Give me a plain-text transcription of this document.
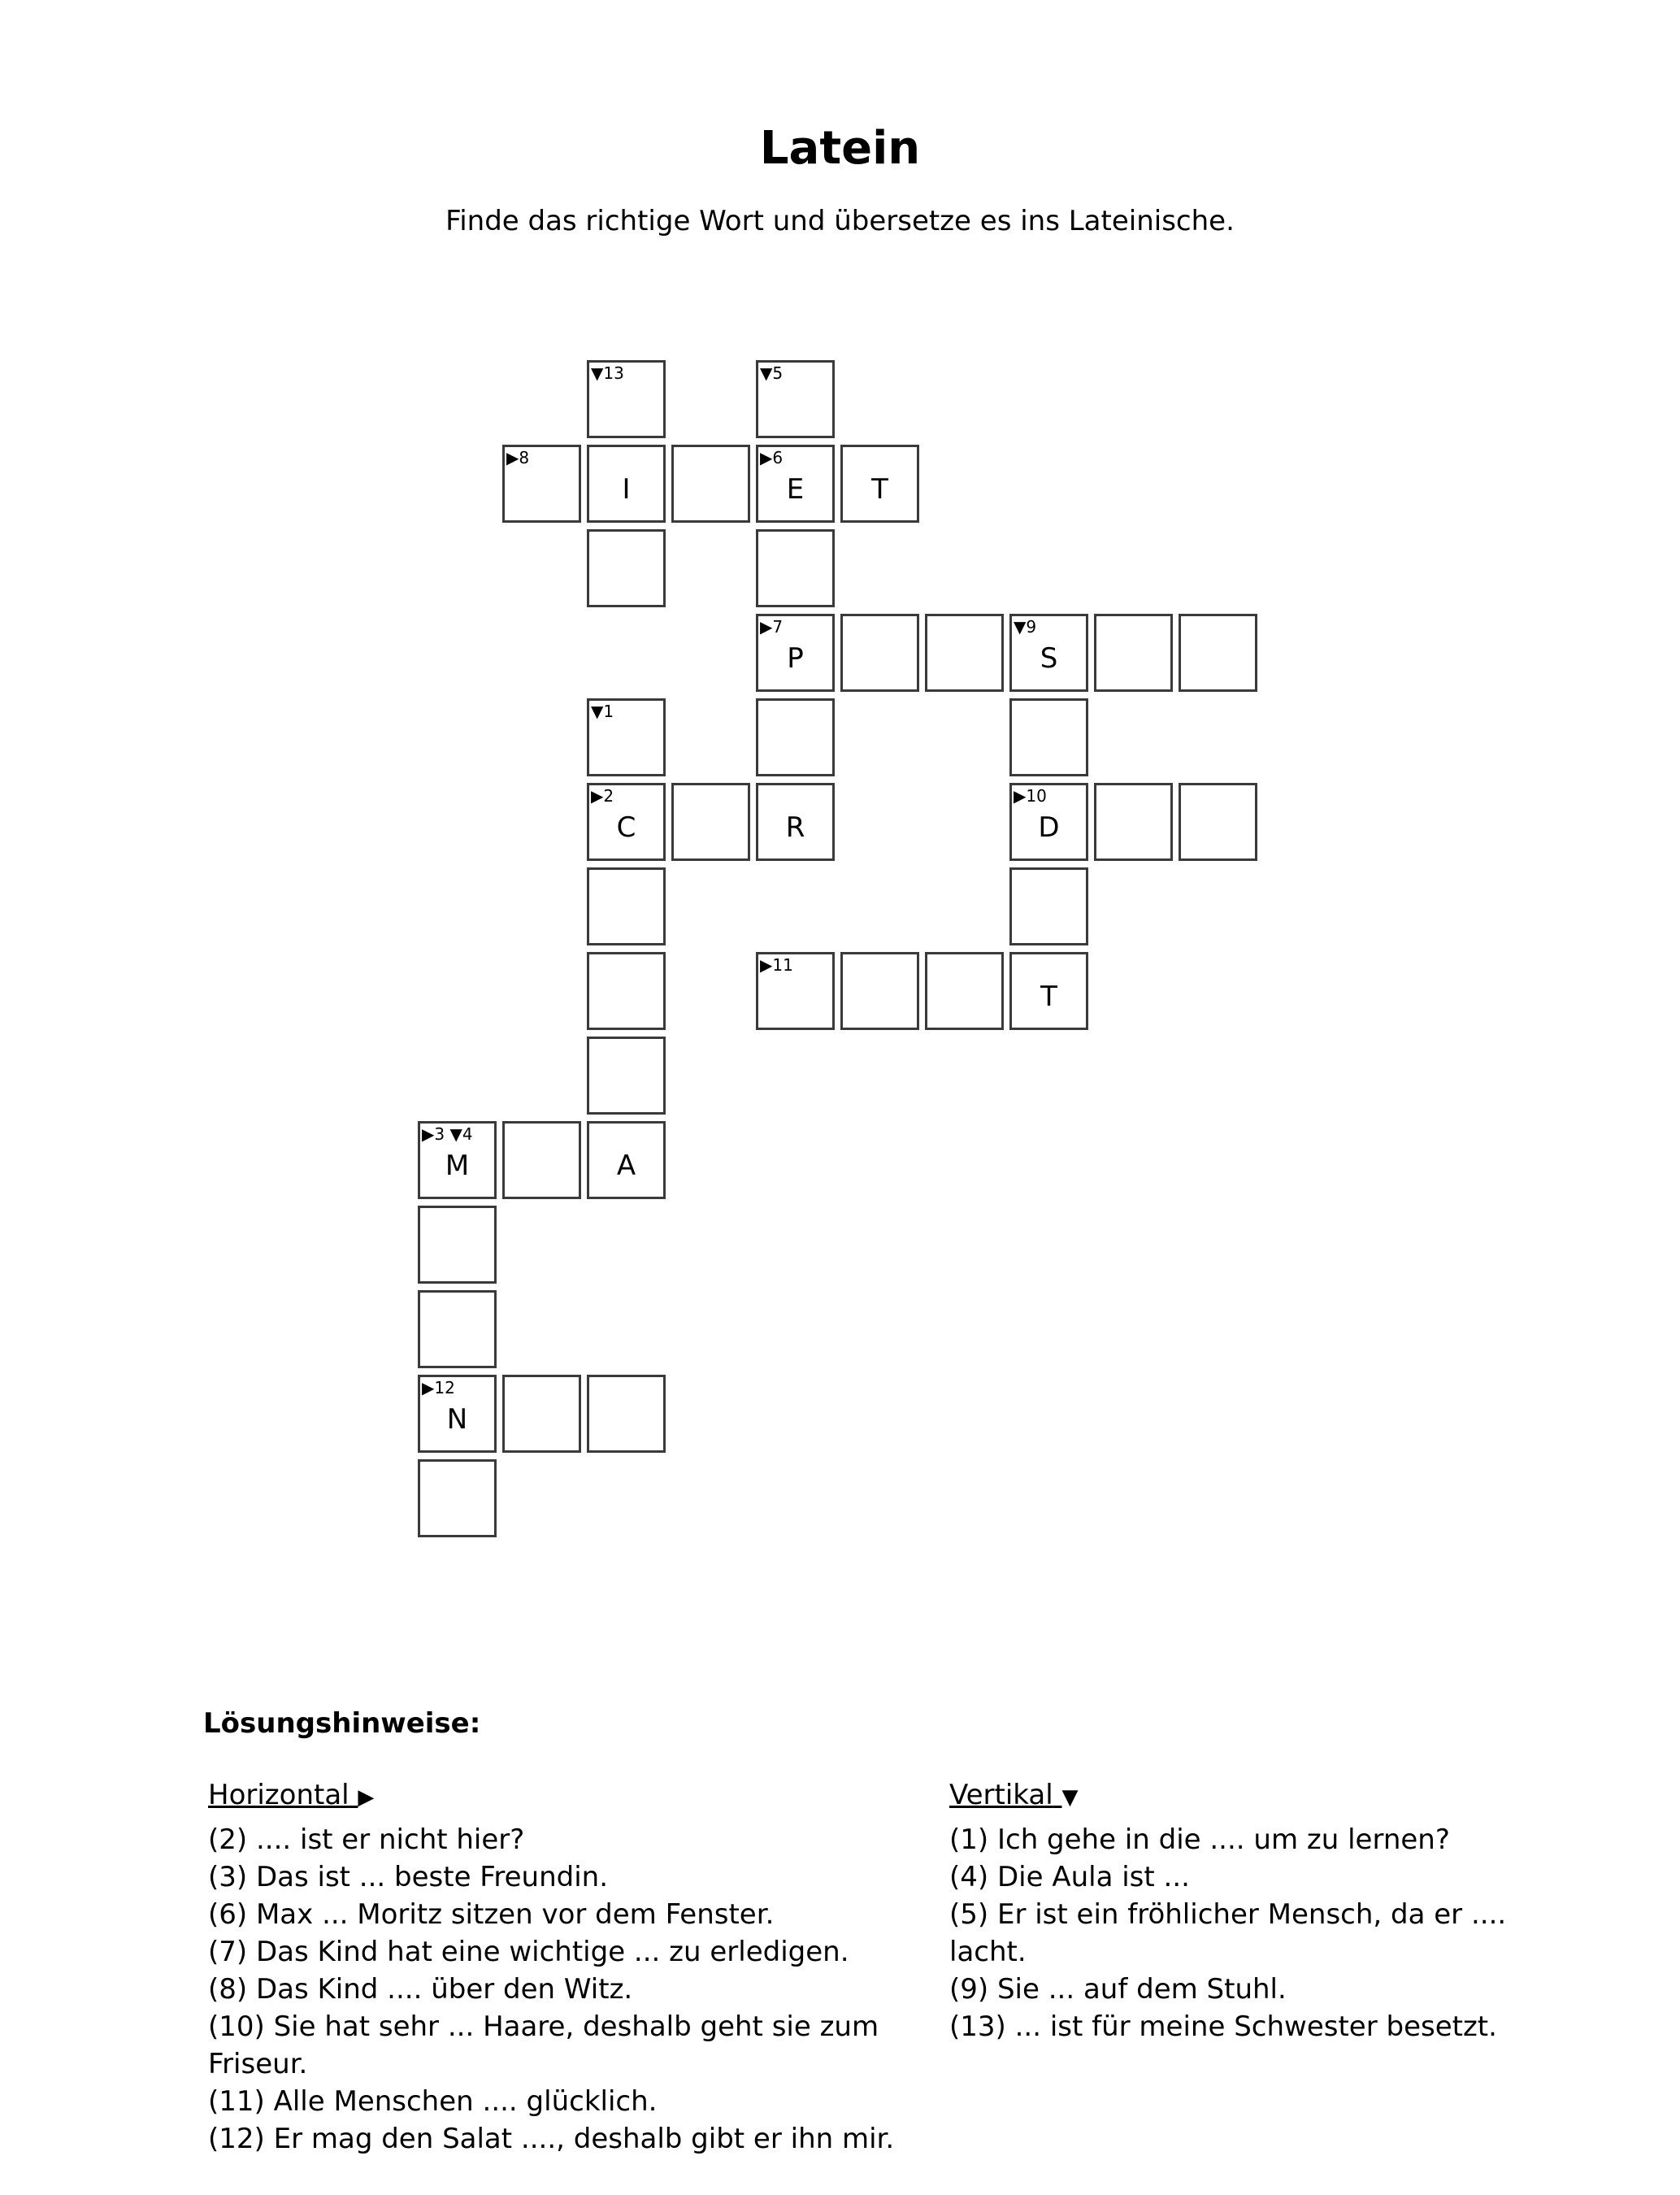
Latein
Finde das richtige Wort und übersetze es ins Lateinische.
▼13	▼5
▶8
I
▶6
E	T
▶7
P
▼9
S
▼1
▶2
C	R
▶10
D
▶11
T
▶3 ▼4
M	A
▶12
N
Lösungshinweise:
Horizontal ▶
(2) .... ist er nicht hier?
(3) Das ist ... beste Freundin.
(6) Max ... Moritz sitzen vor dem Fenster.
(7) Das Kind hat eine wichtige ... zu erledigen.
(8) Das Kind .... über den Witz.
(10) Sie hat sehr ... Haare, deshalb geht sie zum Friseur.
(11) Alle Menschen .... glücklich.
(12) Er mag den Salat ...., deshalb gibt er ihn mir.
Vertikal ▼
(1) Ich gehe in die .... um zu lernen?
(4) Die Aula ist ...
(5) Er ist ein fröhlicher Mensch, da er .... lacht.
(9) Sie ... auf dem Stuhl.
(13) ... ist für meine Schwester besetzt.
